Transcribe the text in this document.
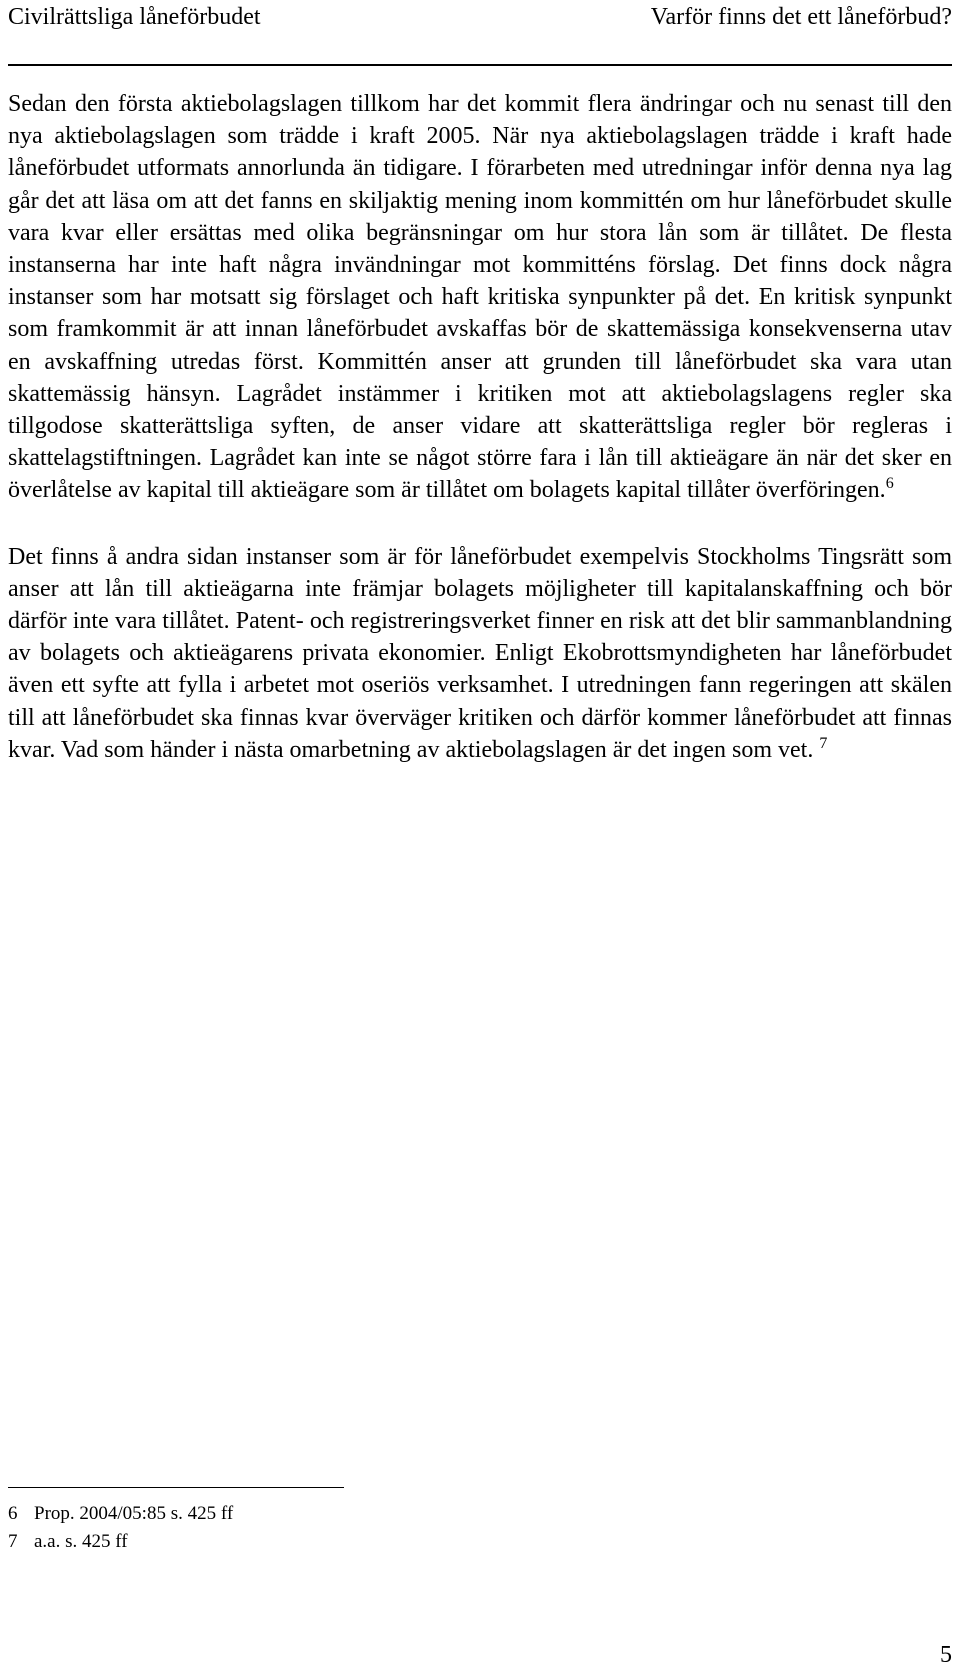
Civilrättsliga låneförbudet	Varför finns det ett låneförbud?

Sedan den första aktiebolagslagen tillkom har det kommit flera ändringar och nu senast till den nya aktiebolagslagen som trädde i kraft 2005. När nya aktiebolagslagen trädde i kraft hade låneförbudet utformats annorlunda än tidigare. I förarbeten med utredningar inför denna nya lag går det att läsa om att det fanns en skiljaktig mening inom kommittén om hur låneförbudet skulle vara kvar eller ersättas med olika begränsningar om hur stora lån som är tillåtet. De flesta instanserna har inte haft några invändningar mot kommitténs förslag. Det finns dock några instanser som har motsatt sig förslaget och haft kritiska synpunkter på det. En kritisk synpunkt som framkommit är att innan låneförbudet avskaffas bör de skattemässiga konsekvenserna utav en avskaffning utredas först. Kommittén anser att grunden till låneförbudet ska vara utan skattemässig hänsyn. Lagrådet instämmer i kritiken mot att aktiebolagslagens regler ska tillgodose skatterättsliga syften, de anser vidare att skatterättsliga regler bör regleras i skattelagstiftningen. Lagrådet kan inte se något större fara i lån till aktieägare än när det sker en överlåtelse av kapital till aktieägare som är tillåtet om bolagets kapital tillåter överföringen.$^6$

Det finns å andra sidan instanser som är för låneförbudet exempelvis Stockholms Tingsrätt som anser att lån till aktieägarna inte främjar bolagets möjligheter till kapitalanskaffning och bör därför inte vara tillåtet. Patent- och registreringsverket finner en risk att det blir sammanblandning av bolagets och aktieägarens privata ekonomier. Enligt Ekobrottsmyndigheten har låneförbudet även ett syfte att fylla i arbetet mot oseriös verksamhet. I utredningen fann regeringen att skälen till att låneförbudet ska finnas kvar överväger kritiken och därför kommer låneförbudet att finnas kvar. Vad som händer i nästa omarbetning av aktiebolagslagen är det ingen som vet. $^7$

6 Prop. 2004/05:85 s. 425 ff
7 a.a. s. 425 ff
5
